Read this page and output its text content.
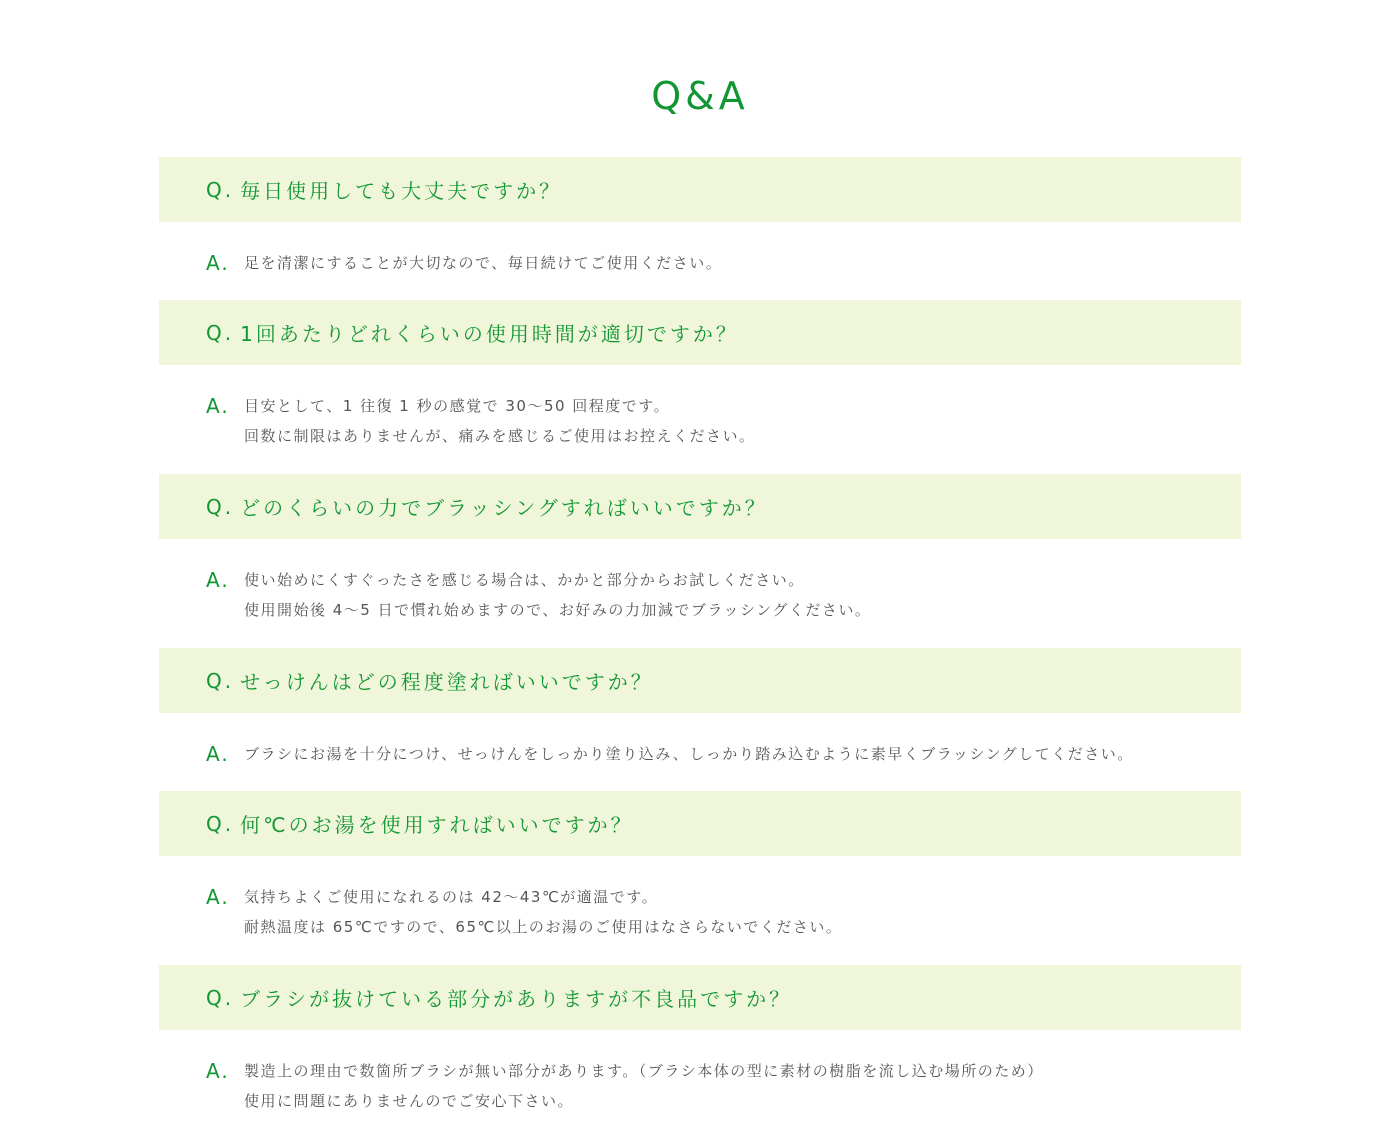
Q&A
Q. 毎日使用しても大丈夫ですか？
A. 足を清潔にすることが大切なので、毎日続けてご使用ください。
Q. 1回あたりどれくらいの使用時間が適切ですか？
A. 目安として、1 往復 1 秒の感覚で 30〜50 回程度です。
回数に制限はありませんが、痛みを感じるご使用はお控えください。
Q. どのくらいの力でブラッシングすればいいですか？
A. 使い始めにくすぐったさを感じる場合は、かかと部分からお試しください。
使用開始後 4〜5 日で慣れ始めますので、お好みの力加減でブラッシングください。
Q. せっけんはどの程度塗ればいいですか？
A. ブラシにお湯を十分につけ、せっけんをしっかり塗り込み、しっかり踏み込むように素早くブラッシングしてください。
Q. 何℃のお湯を使用すればいいですか？
A. 気持ちよくご使用になれるのは 42〜43℃が適温です。
耐熱温度は 65℃ですので、65℃以上のお湯のご使用はなさらないでください。
Q. ブラシが抜けている部分がありますが不良品ですか？
A. 製造上の理由で数箇所ブラシが無い部分があります。（ブラシ本体の型に素材の樹脂を流し込む場所のため）
使用に問題にありませんのでご安心下さい。
